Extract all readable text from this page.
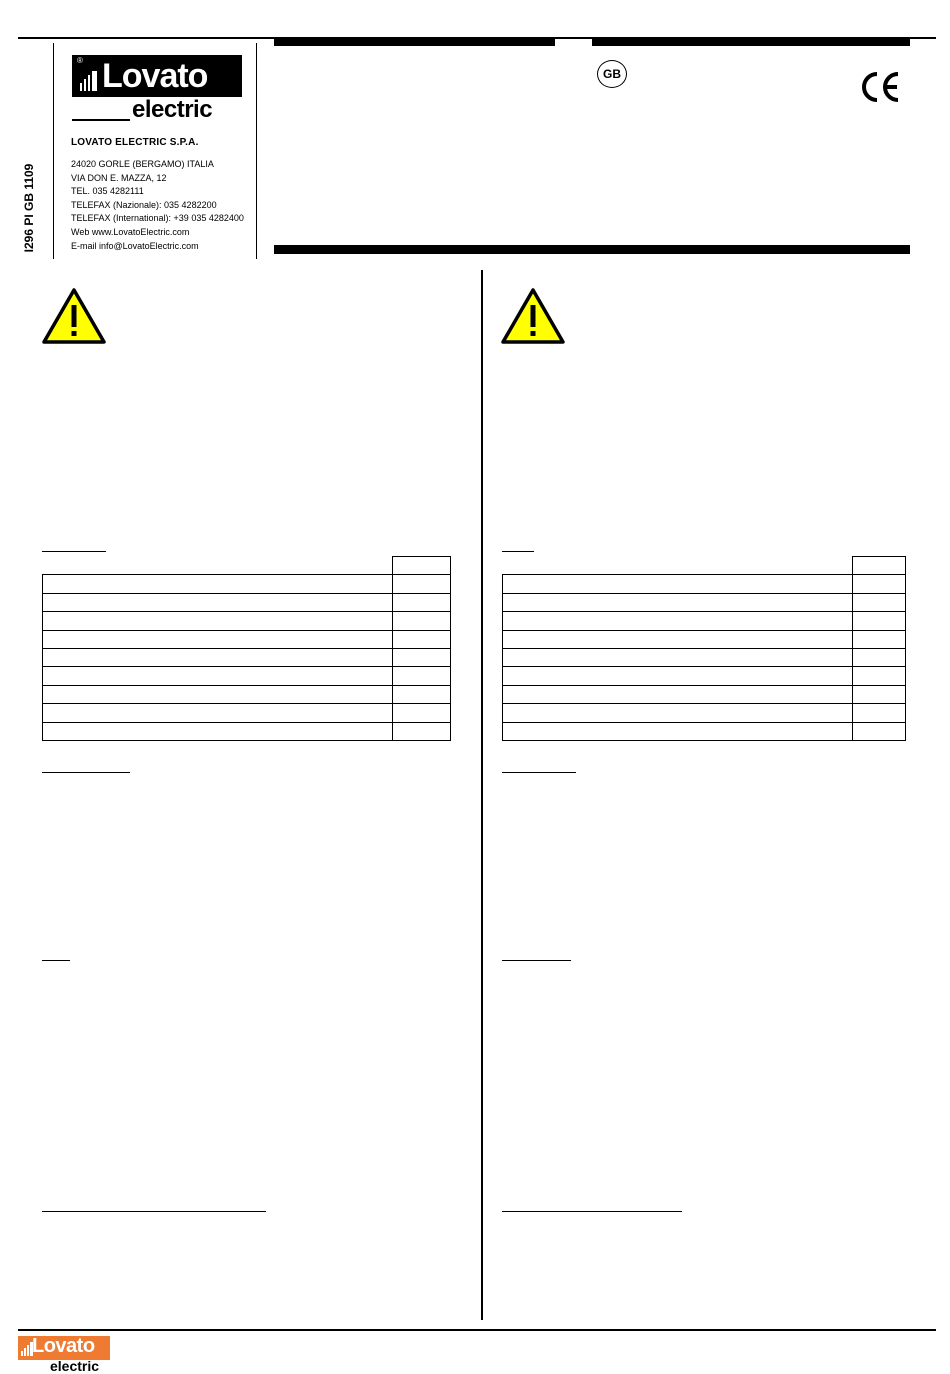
I296 PI GB 1109
® Lovato
electric
LOVATO ELECTRIC S.P.A.
24020 GORLE (BERGAMO) ITALIA
VIA DON E. MAZZA, 12
TEL. 035 4282111
TELEFAX (Nazionale): 035 4282200
TELEFAX (International): +39 035 4282400
Web www.LovatoElectric.com
E-mail info@LovatoElectric.com
GB

Lovato
electric
